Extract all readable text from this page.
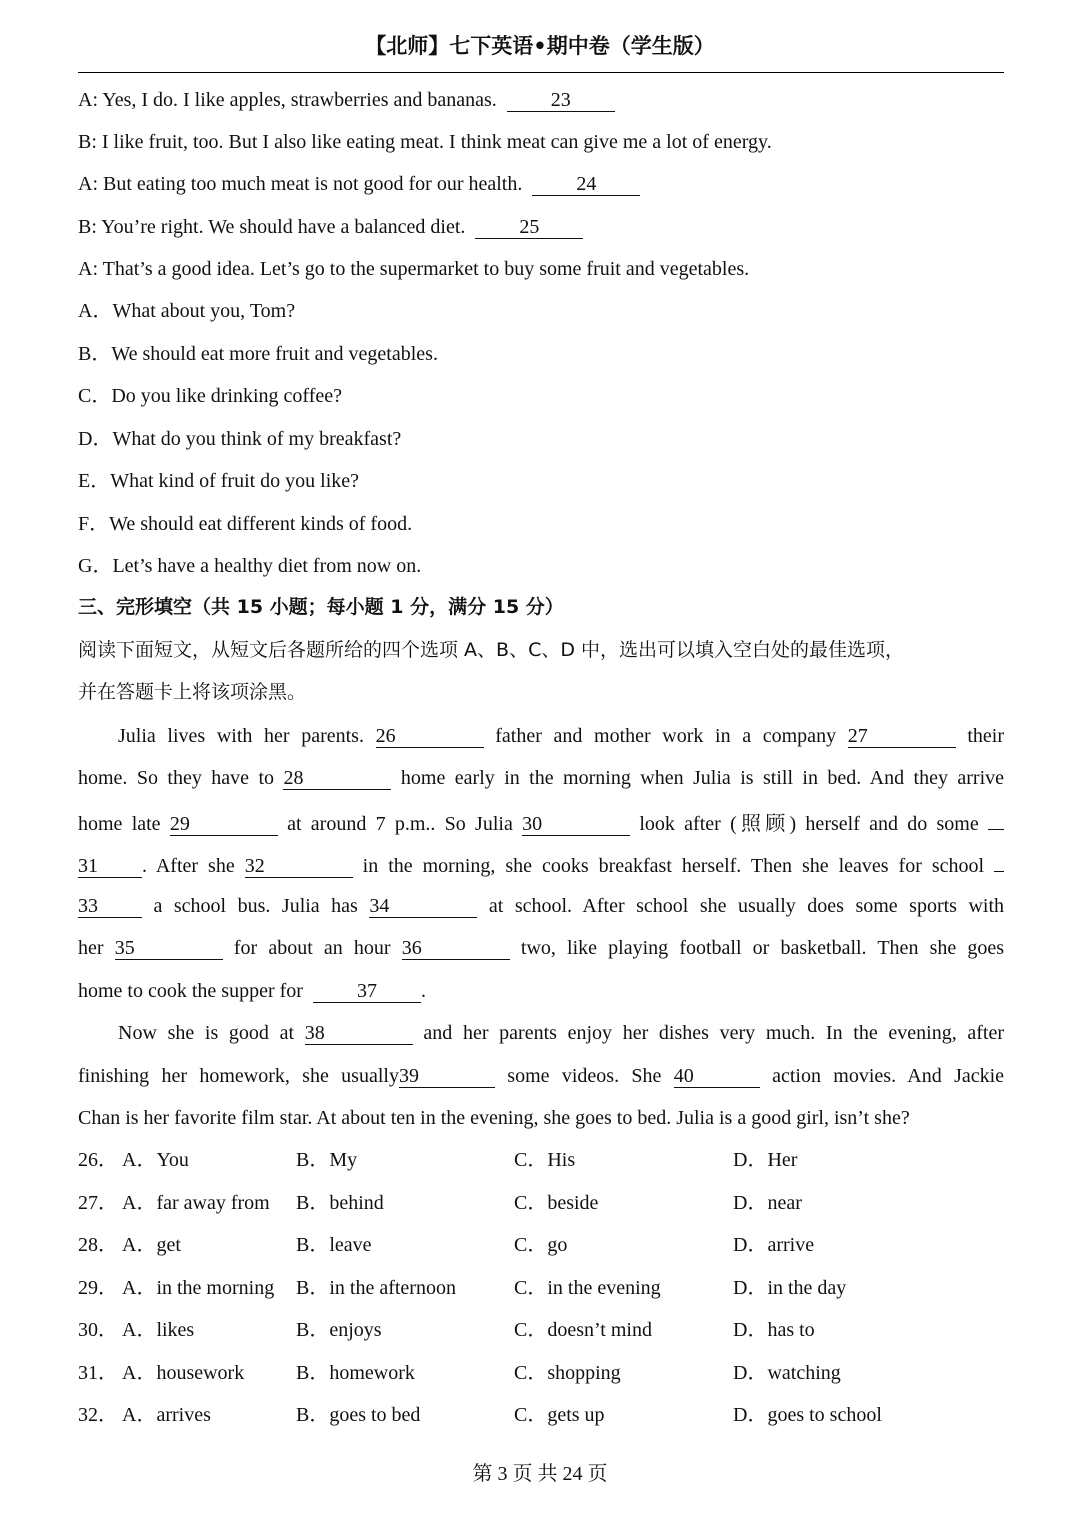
【北师】七下英语•期中卷（学生版）
A: Yes, I do. I like apples, strawberries and bananas.	23
B: I like fruit, too. But I also like eating meat. I think meat can give me a lot of energy.
A: But eating too much meat is not good for our health.	24
B: You’re right. We should have a balanced diet.	25
A: That’s a good idea. Let’s go to the supermarket to buy some fruit and vegetables.
A．What about you, Tom?
B．We should eat more fruit and vegetables.
C．Do you like drinking coffee?
D．What do you think of my breakfast?
E．What kind of fruit do you like?
F．We should eat different kinds of food.
G．Let’s have a healthy diet from now on.
三、完形填空（共 15 小题；每小题 1 分，满分 15 分）
阅读下面短文，从短文后各题所给的四个选项 A、B、C、D 中，选出可以填入空白处的最佳选项，
并在答题卡上将该项涂黑。
Julia lives with her parents. 26	father and mother work in a company 27	their
home. So they have to 28	home early in the morning when Julia is still in bed. And they arrive
home late 29	at around 7 p.m.. So Julia 30	look after (照顾) herself and do some
31 . After she 32	in the morning, she cooks breakfast herself. Then she leaves for school
33	a school bus. Julia has 34	at school. After school she usually does some sports with
her 35	for about an hour 36	two, like playing football or basketball. Then she goes
home to cook the supper for	37 .
Now she is good at 38	and her parents enjoy her dishes very much. In the evening, after
finishing her homework, she usually39	some videos. She 40	action movies. And Jackie
Chan is her favorite film star. At about ten in the evening, she goes to bed. Julia is a good girl, isn’t she?
26． A．You	B．My	C．His	D．Her
27． A．far away from B．behind	C．beside	D．near
28． A．get	B．leave	C．go	D．arrive
29． A．in the morning B．in the afternoon	C．in the evening	D．in the day
30． A．likes	B．enjoys	C．doesn’t mind	D．has to
31． A．housework	B．homework	C．shopping	D．watching
32． A．arrives	B．goes to bed	C．gets up	D．goes to school
第 3 页 共 24 页
